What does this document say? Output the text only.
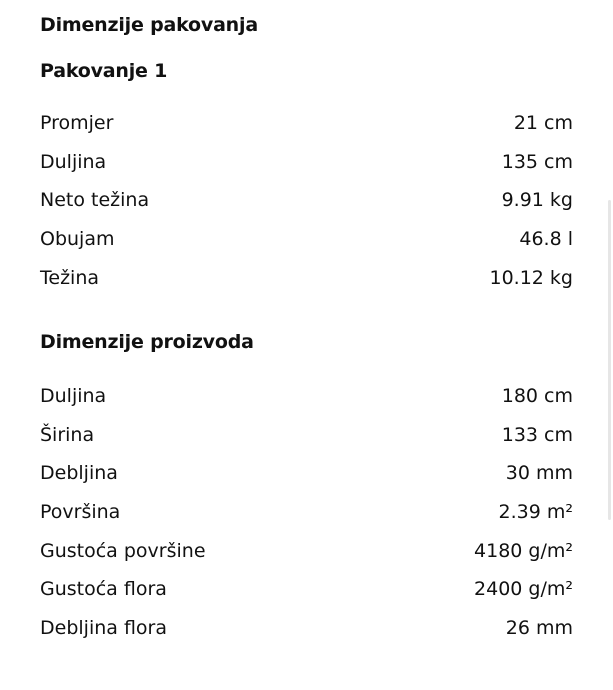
Dimenzije pakovanja
Pakovanje 1
Promjer	21 cm
Duljina	135 cm
Neto težina	9.91 kg
Obujam	46.8 l
Težina	10.12 kg
Dimenzije proizvoda
Duljina	180 cm
Širina	133 cm
Debljina	30 mm
Površina	2.39 m²
Gustoća površine	4180 g/m²
Gustoća flora	2400 g/m²
Debljina flora	26 mm
